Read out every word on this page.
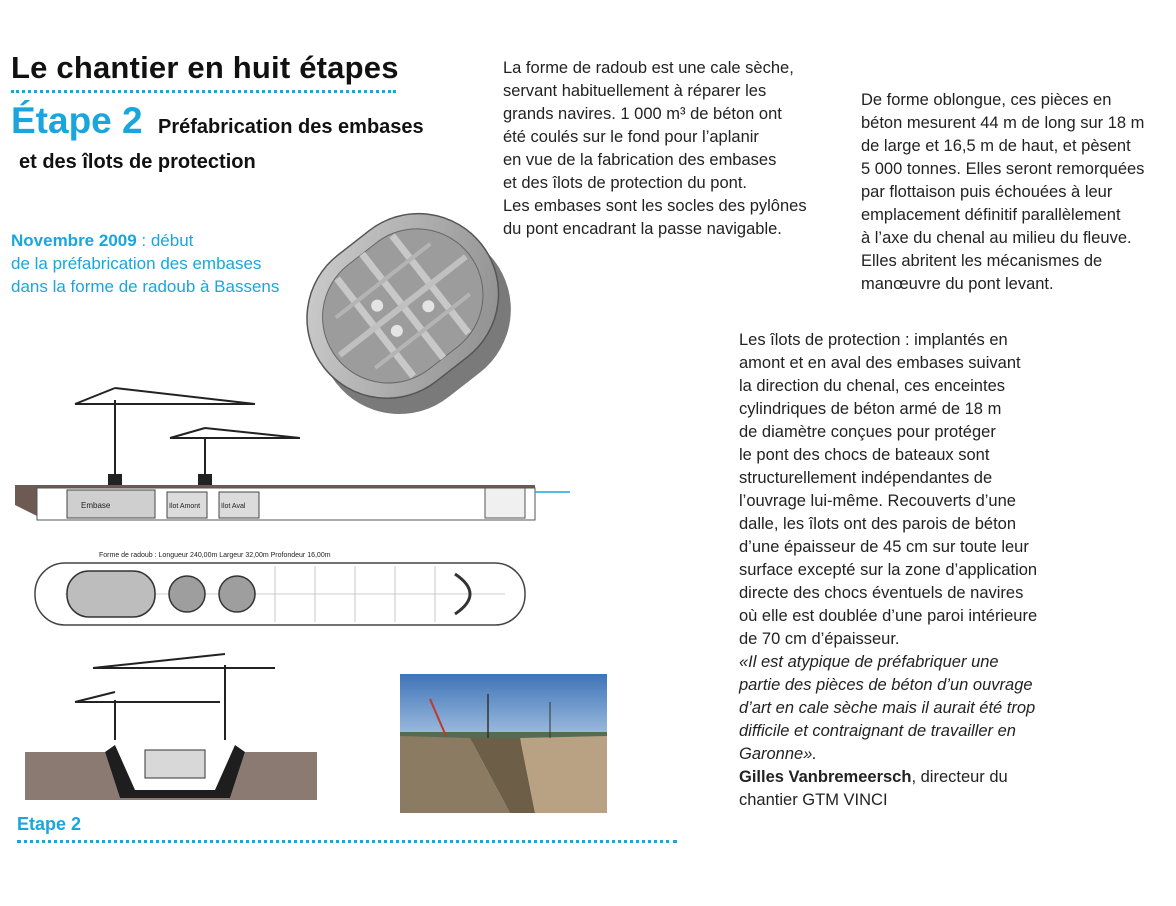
Le chantier en huit étapes
Étape 2 Préfabrication des embases
et des îlots de protection
Novembre 2009 : début
de la préfabrication des embases
dans la forme de radoub à Bassens

La forme de radoub est une cale sèche,

servant habituellement à réparer les

grands navires. 1 000 m³ de béton ont

été coulés sur le fond pour l’aplanir

en vue de la fabrication des embases

et des îlots de protection du pont.

Les embases sont les socles des pylônes

du pont encadrant la passe navigable.

De forme oblongue, ces pièces en

béton mesurent 44 m de long sur 18 m

de large et 16,5 m de haut, et pèsent

5 000 tonnes. Elles seront remorquées

par flottaison puis échouées à leur

emplacement définitif parallèlement

à l’axe du chenal au milieu du fleuve.

Elles abritent les mécanismes de

manœuvre du pont levant.

Les îlots de protection : implantés en

amont et en aval des embases suivant

la direction du chenal, ces enceintes

cylindriques de béton armé de 18 m

de diamètre conçues pour protéger

le pont des chocs de bateaux sont

structurellement indépendantes de

l’ouvrage lui-même. Recouverts d’une

dalle, les îlots ont des parois de béton

d’une épaisseur de 45 cm sur toute leur

surface excepté sur la zone d’application

directe des chocs éventuels de navires

où elle est doublée d’une paroi intérieure

de 70 cm d’épaisseur.

«Il est atypique de préfabriquer une

partie des pièces de béton d’un ouvrage

d’art en cale sèche mais il aurait été trop

difficile et contraignant de travailler en

Garonne».

Gilles Vanbremeersch, directeur du

chantier GTM VINCI

Embase	Ilot Amont	Ilot Aval
Forme de radoub : Longueur 240,00m Largeur 32,00m Profondeur 16,00m
Etape 2
